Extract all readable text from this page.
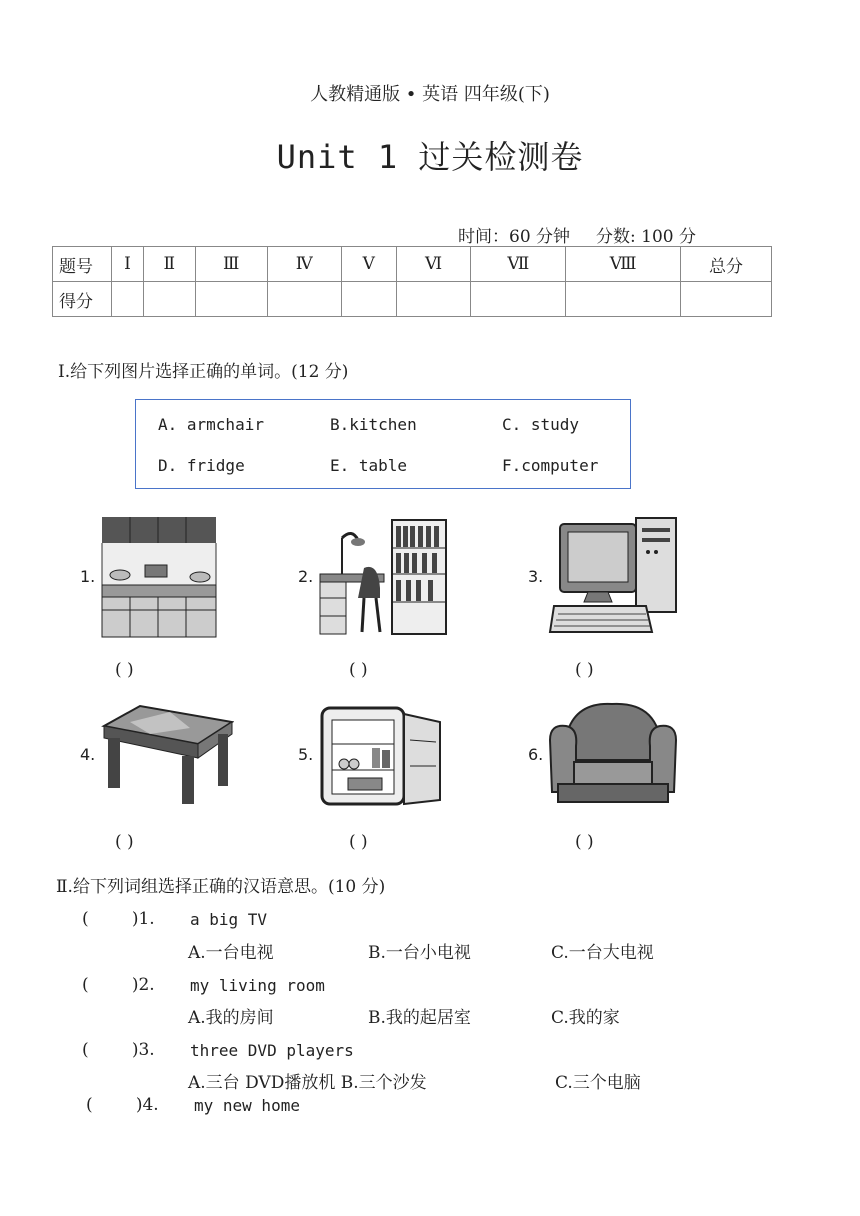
人教精通版 • 英语 四年级(下)
Unit 1 过关检测卷
时间：60 分钟 分数: 100 分
题号	Ⅰ	Ⅱ	Ⅲ	Ⅳ	Ⅴ	Ⅵ	Ⅶ	Ⅷ	总分
得分									
Ⅰ.给下列图片选择正确的单词。(12 分)
A. armchair	B.kitchen	C. study
D. fridge	E. table	F.computer
1.
( )
2.
( )
3.
( )
4.
( )
5.
( )
6.
( )
Ⅱ.给下列词组选择正确的汉语意思。(10 分)
(        )1. a big TV
A.一台电视	B.一台小电视	C.一台大电视
(        )2. my living room
A.我的房间	B.我的起居室	C.我的家
(        )3. three DVD players
A.三台 DVD播放机 B.三个沙发	C.三个电脑
(        )4. my new home
